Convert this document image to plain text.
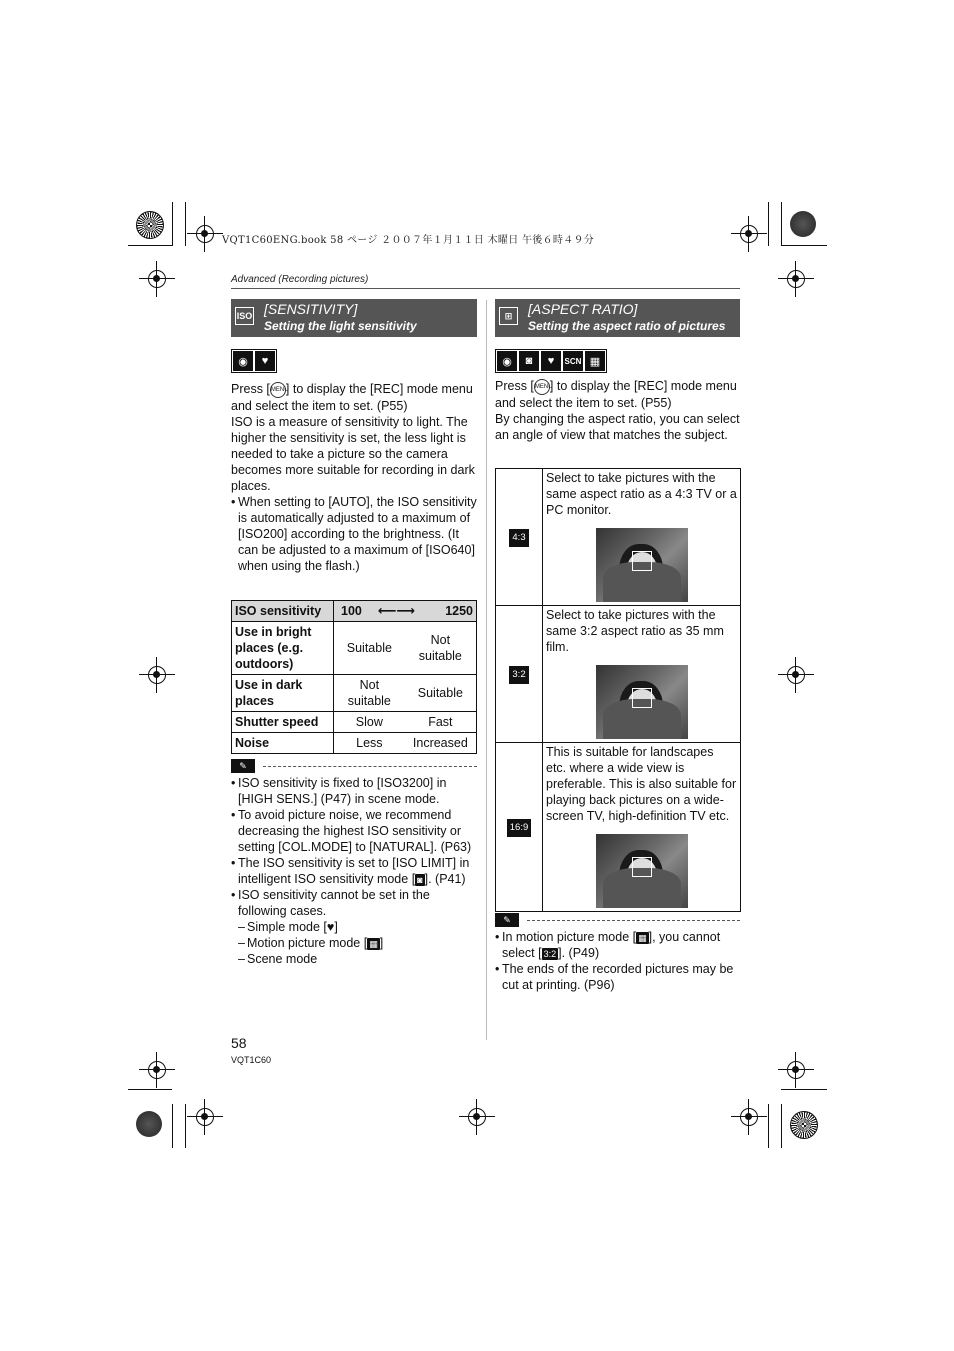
VQT1C60ENG.book 58 ページ ２００７年１月１１日 木曜日 午後６時４９分
Advanced (Recording pictures)
ISO [SENSITIVITY]
Setting the light sensitivity
◉	♥

Press [MENU] to display the [REC] mode menu and select the item to set. (P55)

ISO is a measure of sensitivity to light. The higher the sensitivity is set, the less light is needed to take a picture so the camera becomes more suitable for recording in dark places.

• When setting to [AUTO], the ISO sensitivity is automatically adjusted to a maximum of [ISO200] according to the brightness. (It can be adjusted to a maximum of [ISO640] when using the flash.)
ISO sensitivity	100 ⟵⟶ 1250	

Use in bright places (e.g. outdoors)	Suitable	Not suitable
Use in dark places	Not suitable	Suitable
Shutter speed	Slow	Fast
Noise	Less	Increased
✎
• ISO sensitivity is fixed to [ISO3200] in [HIGH SENS.] (P47) in scene mode.
• To avoid picture noise, we recommend decreasing the highest ISO sensitivity or setting [COL.MODE] to [NATURAL]. (P63)
• The ISO sensitivity is set to [ISO LIMIT] in intelligent ISO sensitivity mode [ ◙ ]. (P41)
• ISO sensitivity cannot be set in the following cases.
– Simple mode [♥]
– Motion picture mode [ ▦ ]
– Scene mode
⊞	[ASPECT RATIO]
Setting the aspect ratio of pictures
◉	◙	♥	SCN ▦

Press [MENU] to display the [REC] mode menu and select the item to set. (P55)

By changing the aspect ratio, you can select an angle of view that matches the subject.

4:3	Select to take pictures with the same aspect ratio as a 4:3 TV or a PC monitor.

3:2	Select to take pictures with the same 3:2 aspect ratio as 35 mm film.

16:9	This is suitable for landscapes etc. where a wide view is preferable. This is also suitable for playing back pictures on a wide-screen TV, high-definition TV etc.
✎
• In motion picture mode [ ▦ ], you cannot select [ 3:2 ]. (P49)
• The ends of the recorded pictures may be cut at printing. (P96)
58
VQT1C60
